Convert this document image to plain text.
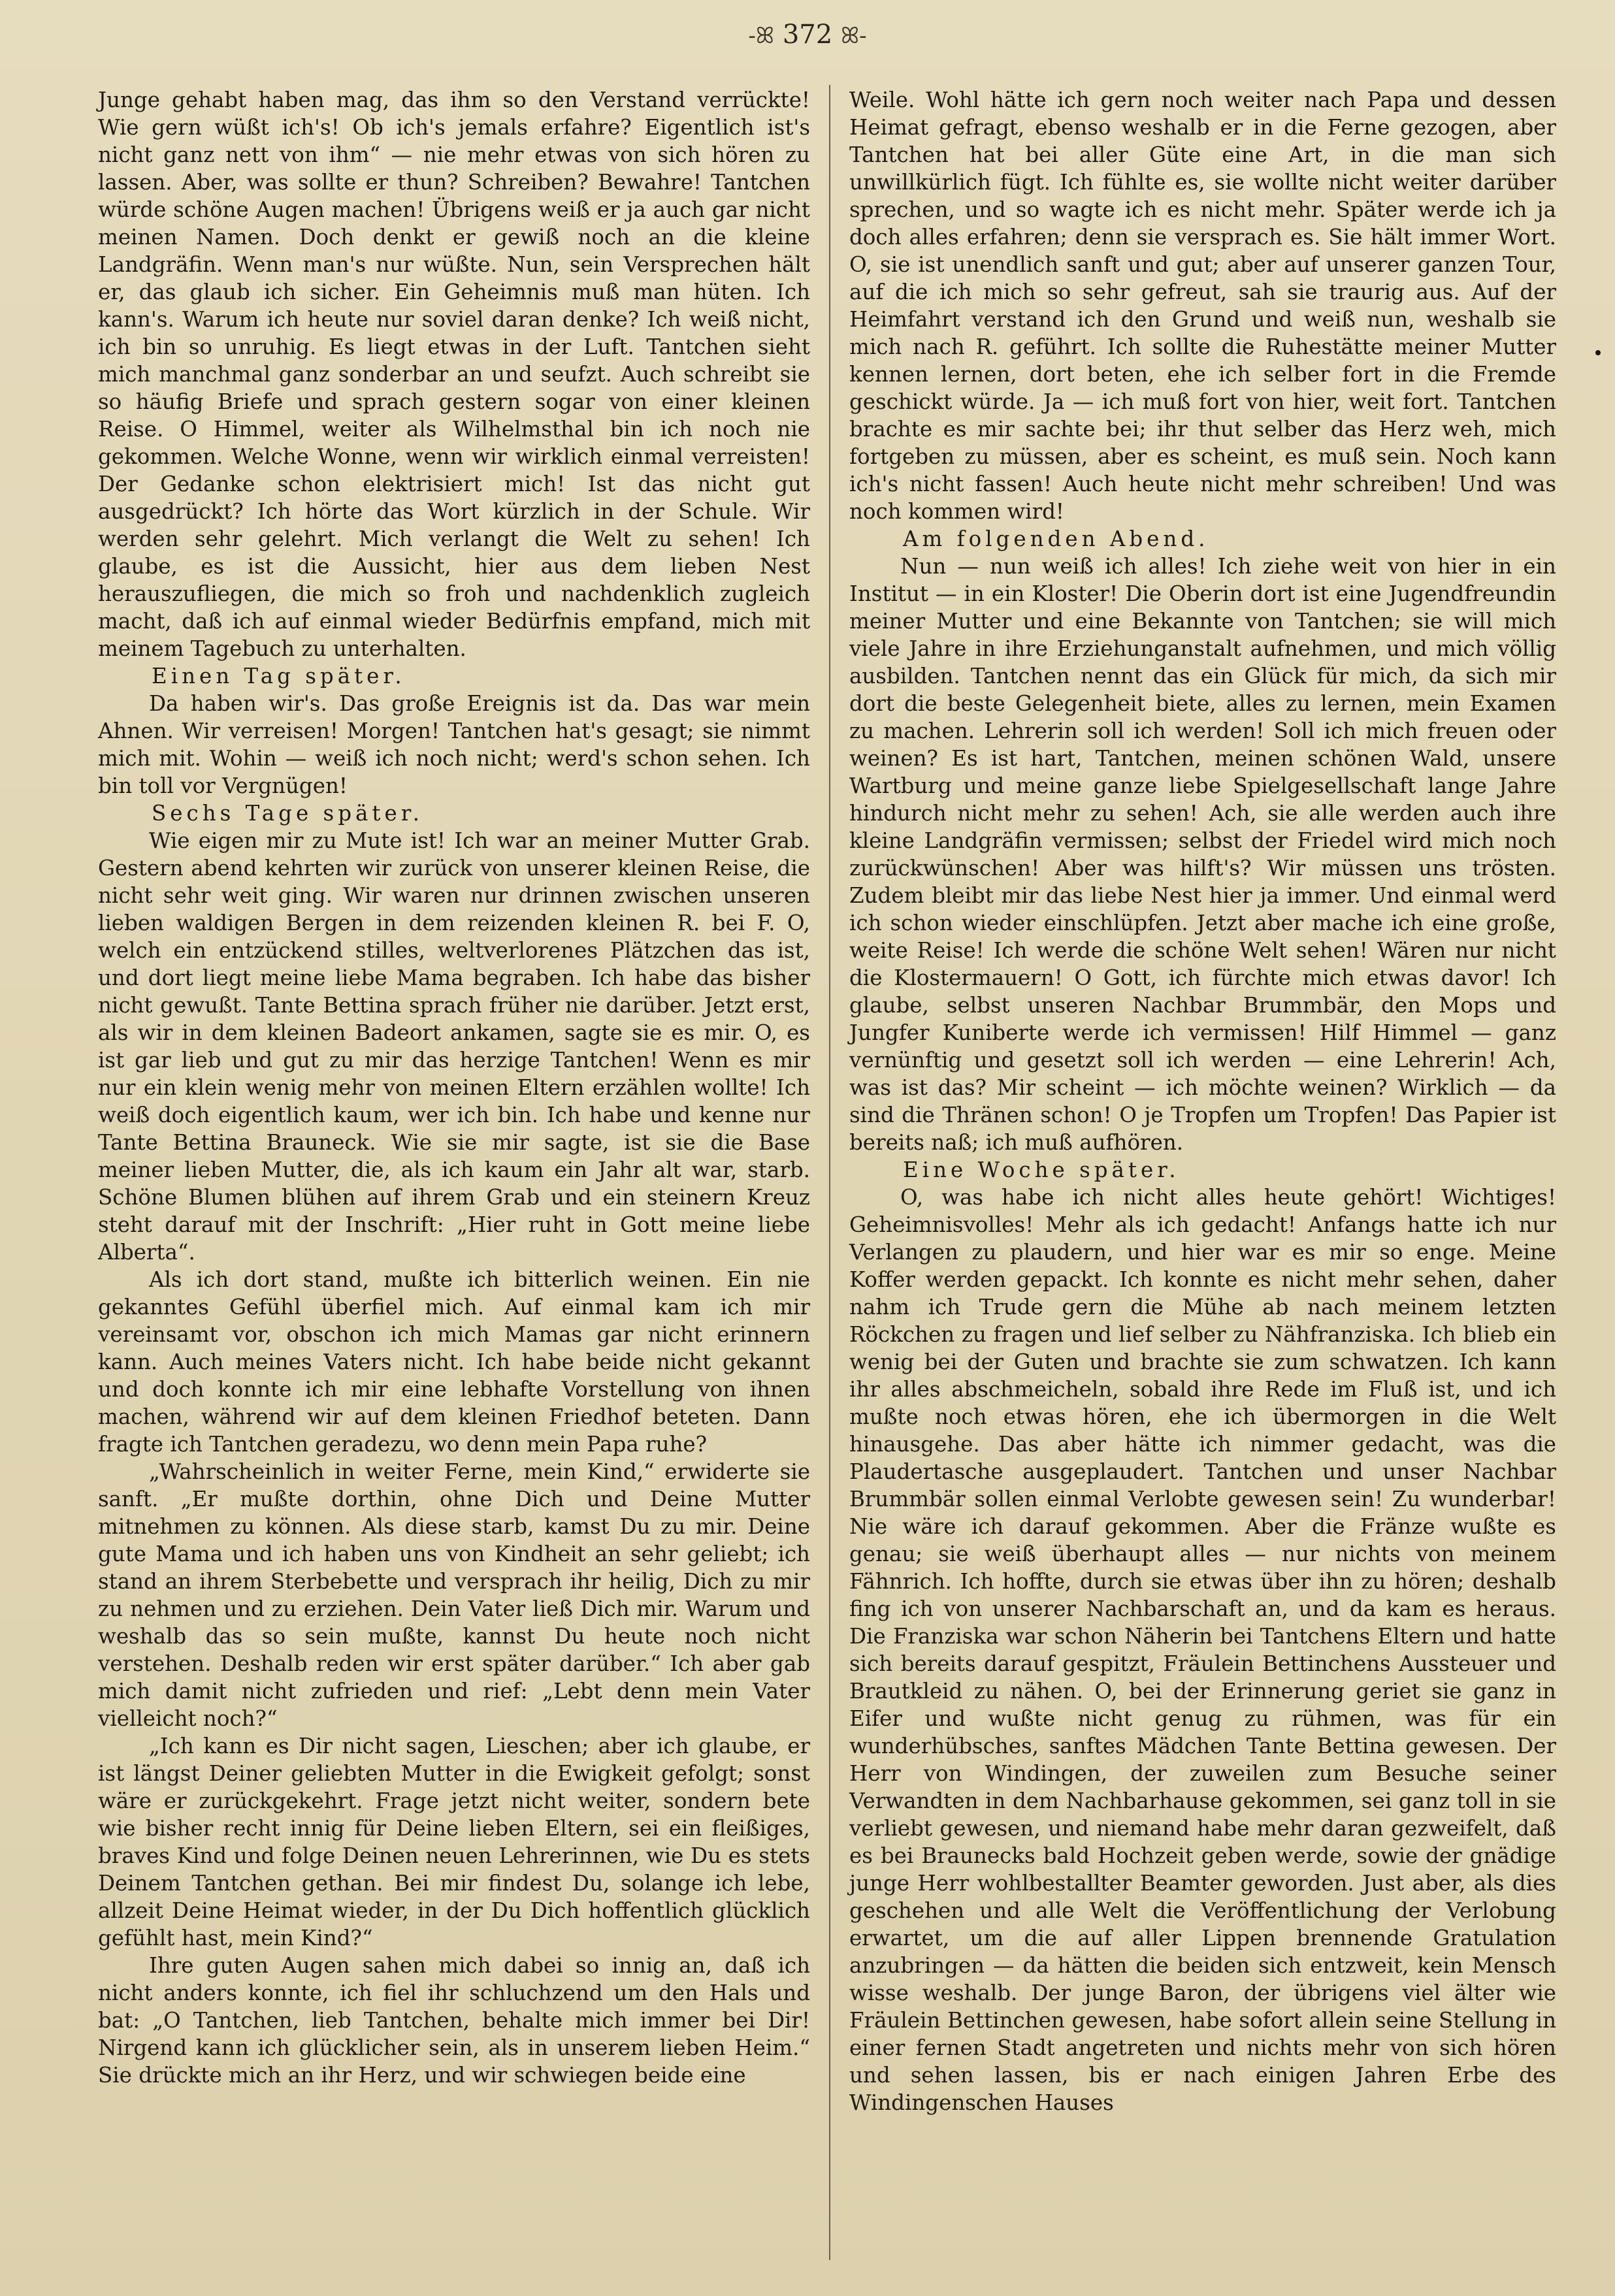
-ꕤ 372 ꕤ-

Junge gehabt haben mag, das ihm so den Verstand verrückte! Wie gern wüßt ich's! Ob ich's jemals erfahre? Eigentlich ist's nicht ganz nett von ihm“ — nie mehr etwas von sich hören zu lassen. Aber, was sollte er thun? Schreiben? Bewahre! Tantchen würde schöne Augen machen! Übrigens weiß er ja auch gar nicht meinen Namen. Doch denkt er gewiß noch an die kleine Landgräfin. Wenn man's nur wüßte. Nun, sein Versprechen hält er, das glaub ich sicher. Ein Geheimnis muß man hüten. Ich kann's. Warum ich heute nur soviel daran denke? Ich weiß nicht, ich bin so unruhig. Es liegt etwas in der Luft. Tantchen sieht mich manchmal ganz sonderbar an und seufzt. Auch schreibt sie so häufig Briefe und sprach gestern sogar von einer kleinen Reise. O Himmel, weiter als Wilhelmsthal bin ich noch nie gekommen. Welche Wonne, wenn wir wirklich einmal verreisten! Der Gedanke schon elektrisiert mich! Ist das nicht gut ausgedrückt? Ich hörte das Wort kürzlich in der Schule. Wir werden sehr gelehrt. Mich verlangt die Welt zu sehen! Ich glaube, es ist die Aussicht, hier aus dem lieben Nest herauszufliegen, die mich so froh und nachdenklich zugleich macht, daß ich auf einmal wieder Bedürfnis empfand, mich mit meinem Tagebuch zu unterhalten.

Einen Tag später.

Da haben wir's. Das große Ereignis ist da. Das war mein Ahnen. Wir verreisen! Morgen! Tantchen hat's gesagt; sie nimmt mich mit. Wohin — weiß ich noch nicht; werd's schon sehen. Ich bin toll vor Vergnügen!

Sechs Tage später.

Wie eigen mir zu Mute ist! Ich war an meiner Mutter Grab. Gestern abend kehrten wir zurück von unserer kleinen Reise, die nicht sehr weit ging. Wir waren nur drinnen zwischen unseren lieben waldigen Bergen in dem reizenden kleinen R. bei F. O, welch ein entzückend stilles, weltverlorenes Plätzchen das ist, und dort liegt meine liebe Mama begraben. Ich habe das bisher nicht gewußt. Tante Bettina sprach früher nie darüber. Jetzt erst, als wir in dem kleinen Badeort ankamen, sagte sie es mir. O, es ist gar lieb und gut zu mir das herzige Tantchen! Wenn es mir nur ein klein wenig mehr von meinen Eltern erzählen wollte! Ich weiß doch eigentlich kaum, wer ich bin. Ich habe und kenne nur Tante Bettina Brauneck. Wie sie mir sagte, ist sie die Base meiner lieben Mutter, die, als ich kaum ein Jahr alt war, starb. Schöne Blumen blühen auf ihrem Grab und ein steinern Kreuz steht darauf mit der Inschrift: „Hier ruht in Gott meine liebe Alberta“.

Als ich dort stand, mußte ich bitterlich weinen. Ein nie gekanntes Gefühl überfiel mich. Auf einmal kam ich mir vereinsamt vor, obschon ich mich Mamas gar nicht erinnern kann. Auch meines Vaters nicht. Ich habe beide nicht gekannt und doch konnte ich mir eine lebhafte Vorstellung von ihnen machen, während wir auf dem kleinen Friedhof beteten. Dann fragte ich Tantchen geradezu, wo denn mein Papa ruhe?

„Wahrscheinlich in weiter Ferne, mein Kind,“ erwiderte sie sanft. „Er mußte dorthin, ohne Dich und Deine Mutter mitnehmen zu können. Als diese starb, kamst Du zu mir. Deine gute Mama und ich haben uns von Kindheit an sehr geliebt; ich stand an ihrem Sterbebette und versprach ihr heilig, Dich zu mir zu nehmen und zu erziehen. Dein Vater ließ Dich mir. Warum und weshalb das so sein mußte, kannst Du heute noch nicht verstehen. Deshalb reden wir erst später darüber.“ Ich aber gab mich damit nicht zufrieden und rief: „Lebt denn mein Vater vielleicht noch?“

„Ich kann es Dir nicht sagen, Lieschen; aber ich glaube, er ist längst Deiner geliebten Mutter in die Ewigkeit gefolgt; sonst wäre er zurückgekehrt. Frage jetzt nicht weiter, sondern bete wie bisher recht innig für Deine lieben Eltern, sei ein fleißiges, braves Kind und folge Deinen neuen Lehrerinnen, wie Du es stets Deinem Tantchen gethan. Bei mir findest Du, solange ich lebe, allzeit Deine Heimat wieder, in der Du Dich hoffentlich glücklich gefühlt hast, mein Kind?“

Ihre guten Augen sahen mich dabei so innig an, daß ich nicht anders konnte, ich fiel ihr schluchzend um den Hals und bat: „O Tantchen, lieb Tantchen, behalte mich immer bei Dir! Nirgend kann ich glücklicher sein, als in unserem lieben Heim.“ Sie drückte mich an ihr Herz, und wir schwiegen beide eine

Weile. Wohl hätte ich gern noch weiter nach Papa und dessen Heimat gefragt, ebenso weshalb er in die Ferne gezogen, aber Tantchen hat bei aller Güte eine Art, in die man sich unwillkürlich fügt. Ich fühlte es, sie wollte nicht weiter darüber sprechen, und so wagte ich es nicht mehr. Später werde ich ja doch alles erfahren; denn sie versprach es. Sie hält immer Wort. O, sie ist unendlich sanft und gut; aber auf unserer ganzen Tour, auf die ich mich so sehr gefreut, sah sie traurig aus. Auf der Heimfahrt verstand ich den Grund und weiß nun, weshalb sie mich nach R. geführt. Ich sollte die Ruhestätte meiner Mutter kennen lernen, dort beten, ehe ich selber fort in die Fremde geschickt würde. Ja — ich muß fort von hier, weit fort. Tantchen brachte es mir sachte bei; ihr thut selber das Herz weh, mich fortgeben zu müssen, aber es scheint, es muß sein. Noch kann ich's nicht fassen! Auch heute nicht mehr schreiben! Und was noch kommen wird!

Am folgenden Abend.

Nun — nun weiß ich alles! Ich ziehe weit von hier in ein Institut — in ein Kloster! Die Oberin dort ist eine Jugendfreundin meiner Mutter und eine Bekannte von Tantchen; sie will mich viele Jahre in ihre Erziehunganstalt aufnehmen, und mich völlig ausbilden. Tantchen nennt das ein Glück für mich, da sich mir dort die beste Gelegenheit biete, alles zu lernen, mein Examen zu machen. Lehrerin soll ich werden! Soll ich mich freuen oder weinen? Es ist hart, Tantchen, meinen schönen Wald, unsere Wartburg und meine ganze liebe Spielgesellschaft lange Jahre hindurch nicht mehr zu sehen! Ach, sie alle werden auch ihre kleine Landgräfin vermissen; selbst der Friedel wird mich noch zurückwünschen! Aber was hilft's? Wir müssen uns trösten. Zudem bleibt mir das liebe Nest hier ja immer. Und einmal werd ich schon wieder einschlüpfen. Jetzt aber mache ich eine große, weite Reise! Ich werde die schöne Welt sehen! Wären nur nicht die Klostermauern! O Gott, ich fürchte mich etwas davor! Ich glaube, selbst unseren Nachbar Brummbär, den Mops und Jungfer Kuniberte werde ich vermissen! Hilf Himmel — ganz vernünftig und gesetzt soll ich werden — eine Lehrerin! Ach, was ist das? Mir scheint — ich möchte weinen? Wirklich — da sind die Thränen schon! O je Tropfen um Tropfen! Das Papier ist bereits naß; ich muß aufhören.

Eine Woche später.

O, was habe ich nicht alles heute gehört! Wichtiges! Geheimnisvolles! Mehr als ich gedacht! Anfangs hatte ich nur Verlangen zu plaudern, und hier war es mir so enge. Meine Koffer werden gepackt. Ich konnte es nicht mehr sehen, daher nahm ich Trude gern die Mühe ab nach meinem letzten Röckchen zu fragen und lief selber zu Nähfranziska. Ich blieb ein wenig bei der Guten und brachte sie zum schwatzen. Ich kann ihr alles abschmeicheln, sobald ihre Rede im Fluß ist, und ich mußte noch etwas hören, ehe ich übermorgen in die Welt hinausgehe. Das aber hätte ich nimmer gedacht, was die Plaudertasche ausgeplaudert. Tantchen und unser Nachbar Brummbär sollen einmal Verlobte gewesen sein! Zu wunderbar! Nie wäre ich darauf gekommen. Aber die Fränze wußte es genau; sie weiß überhaupt alles — nur nichts von meinem Fähnrich. Ich hoffte, durch sie etwas über ihn zu hören; deshalb fing ich von unserer Nachbarschaft an, und da kam es heraus. Die Franziska war schon Näherin bei Tantchens Eltern und hatte sich bereits darauf gespitzt, Fräulein Bettinchens Aussteuer und Brautkleid zu nähen. O, bei der Erinnerung geriet sie ganz in Eifer und wußte nicht genug zu rühmen, was für ein wunderhübsches, sanftes Mädchen Tante Bettina gewesen. Der Herr von Windingen, der zuweilen zum Besuche seiner Verwandten in dem Nachbarhause gekommen, sei ganz toll in sie verliebt gewesen, und niemand habe mehr daran gezweifelt, daß es bei Braunecks bald Hochzeit geben werde, sowie der gnädige junge Herr wohlbestallter Beamter geworden. Just aber, als dies geschehen und alle Welt die Veröffentlichung der Verlobung erwartet, um die auf aller Lippen brennende Gratulation anzubringen — da hätten die beiden sich entzweit, kein Mensch wisse weshalb. Der junge Baron, der übrigens viel älter wie Fräulein Bettinchen gewesen, habe sofort allein seine Stellung in einer fernen Stadt angetreten und nichts mehr von sich hören und sehen lassen, bis er nach einigen Jahren Erbe des Windingenschen Hauses
